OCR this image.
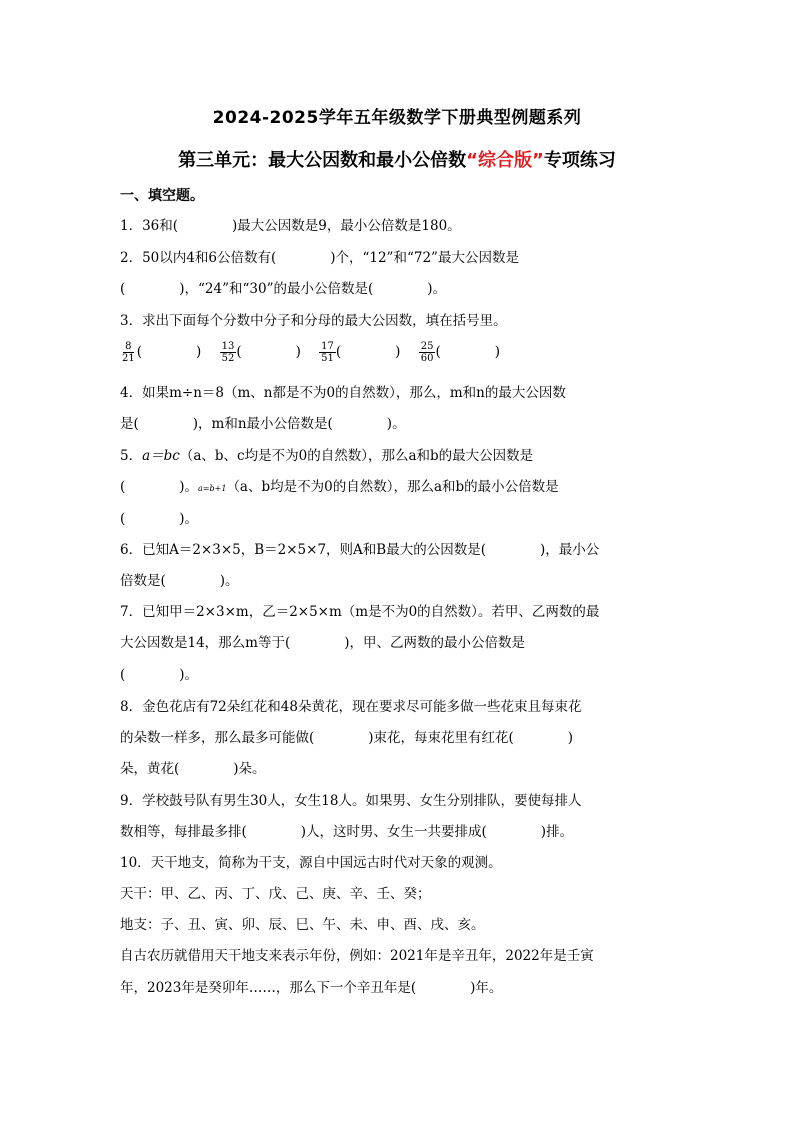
2024-2025学年五年级数学下册典型例题系列
第三单元：最大公因数和最小公倍数“综合版”专项练习
一、填空题。
1．36和(　　　　)最大公因数是9，最小公倍数是180。
2．50以内4和6公倍数有(　　　　)个，“12”和“72”最大公因数是
(　　　　)，“24”和“30”的最小公倍数是(　　　　)。
3．求出下面每个分数中分子和分母的最大公因数，填在括号里。
$\frac{8}{21}$ (　　　　) $\frac{13}{52}$ (　　　　) $\frac{17}{51}$ (　　　　) $\frac{25}{60}$ (　　　　)
4．如果m÷n＝8（m、n都是不为0的自然数），那么，m和n的最大公因数
是(　　　　)，m和n最小公倍数是(　　　　)。
5．a＝bc（a、b、c均是不为0的自然数），那么a和b的最大公因数是
(　　　　)。a=b+1（a、b均是不为0的自然数），那么a和b的最小公倍数是
(　　　　)。
6．已知A＝2×3×5，B＝2×5×7，则A和B最大的公因数是(　　　　)，最小公
倍数是(　　　　)。
7．已知甲＝2×3×m，乙＝2×5×m（m是不为0的自然数）。若甲、乙两数的最
大公因数是14，那么m等于(　　　　)，甲、乙两数的最小公倍数是
(　　　　)。
8．金色花店有72朵红花和48朵黄花，现在要求尽可能多做一些花束且每束花
的朵数一样多，那么最多可能做(　　　　)束花，每束花里有红花(　　　　)
朵，黄花(　　　　)朵。
9．学校鼓号队有男生30人，女生18人。如果男、女生分别排队，要使每排人
数相等，每排最多排(　　　　)人，这时男、女生一共要排成(　　　　)排。
10．天干地支，简称为干支，源自中国远古时代对天象的观测。
天干：甲、乙、丙、丁、戊、己、庚、辛、壬、癸；
地支：子、丑、寅、卯、辰、巳、午、未、申、酉、戌、亥。
自古农历就借用天干地支来表示年份，例如：2021年是辛丑年，2022年是壬寅
年，2023年是癸卯年……，那么下一个辛丑年是(　　　　)年。
